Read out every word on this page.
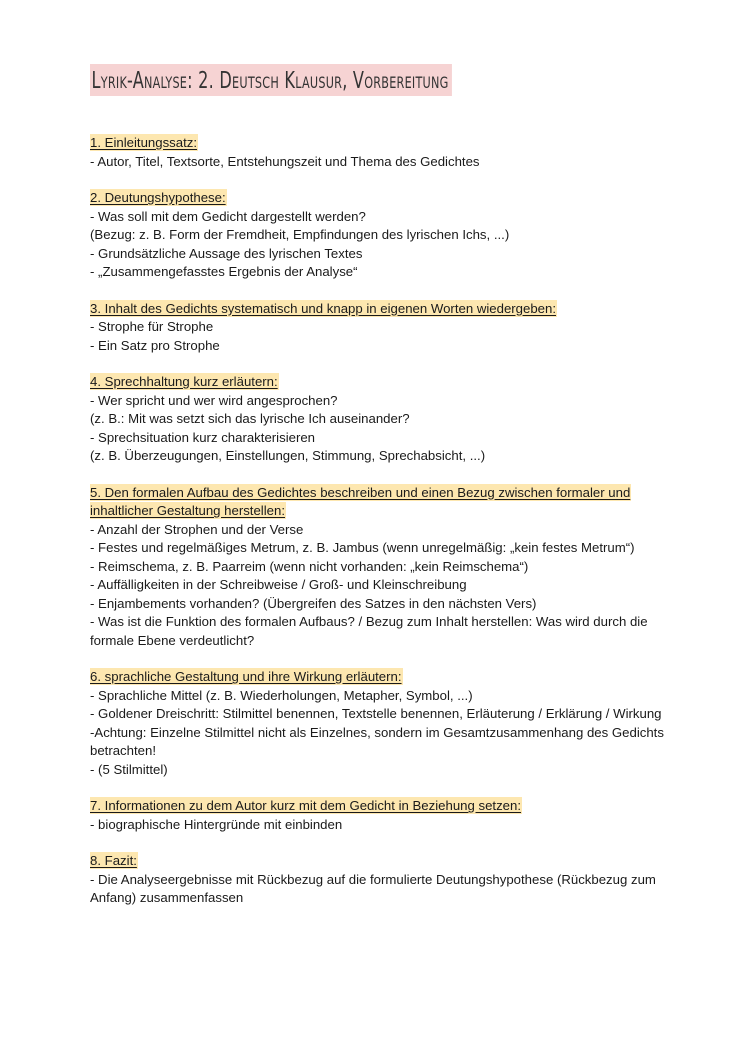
Lyrik-Analyse: 2. Deutsch Klausur, Vorbereitung

1. Einleitungssatz:

- Autor, Titel, Textsorte, Entstehungszeit und Thema des Gedichtes

2. Deutungshypothese:

- Was soll mit dem Gedicht dargestellt werden?

(Bezug: z. B. Form der Fremdheit, Empfindungen des lyrischen Ichs, ...)

- Grundsätzliche Aussage des lyrischen Textes

- „Zusammengefasstes Ergebnis der Analyse“

3. Inhalt des Gedichts systematisch und knapp in eigenen Worten wiedergeben:

- Strophe für Strophe

- Ein Satz pro Strophe

4. Sprechhaltung kurz erläutern:

- Wer spricht und wer wird angesprochen?

(z. B.: Mit was setzt sich das lyrische Ich auseinander?

- Sprechsituation kurz charakterisieren

(z. B. Überzeugungen, Einstellungen, Stimmung, Sprechabsicht, ...)

5. Den formalen Aufbau des Gedichtes beschreiben und einen Bezug zwischen formaler und inhaltlicher Gestaltung herstellen:

- Anzahl der Strophen und der Verse

- Festes und regelmäßiges Metrum, z. B. Jambus (wenn unregelmäßig: „kein festes Metrum“)

- Reimschema, z. B. Paarreim (wenn nicht vorhanden: „kein Reimschema“)

- Auffälligkeiten in der Schreibweise / Groß- und Kleinschreibung

- Enjambements vorhanden? (Übergreifen des Satzes in den nächsten Vers)

- Was ist die Funktion des formalen Aufbaus? / Bezug zum Inhalt herstellen: Was wird durch die formale Ebene verdeutlicht?

6. sprachliche Gestaltung und ihre Wirkung erläutern:

- Sprachliche Mittel (z. B. Wiederholungen, Metapher, Symbol, ...)

- Goldener Dreischritt: Stilmittel benennen, Textstelle benennen, Erläuterung / Erklärung / Wirkung

-Achtung: Einzelne Stilmittel nicht als Einzelnes, sondern im Gesamtzusammenhang des Gedichts betrachten!

- (5 Stilmittel)

7. Informationen zu dem Autor kurz mit dem Gedicht in Beziehung setzen:

- biographische Hintergründe mit einbinden

8. Fazit:

- Die Analyseergebnisse mit Rückbezug auf die formulierte Deutungshypothese (Rückbezug zum Anfang) zusammenfassen
